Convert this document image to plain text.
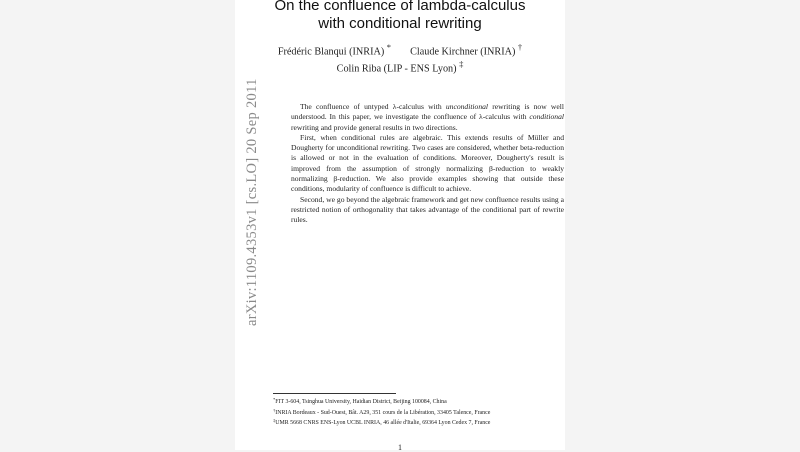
On the confluence of lambda-calculus
with conditional rewriting
Frédéric Blanqui (INRIA) * Claude Kirchner (INRIA) †
Colin Riba (LIP - ENS Lyon) ‡
arXiv:1109.4353v1 [cs.LO] 20 Sep 2011	The confluence of untyped λ-calculus with unconditional rewriting is now well understood. In this paper, we investigate the confluence of λ-calculus with conditional rewriting and provide general results in two directions.

First, when conditional rules are algebraic. This extends results of Müller and Dougherty for unconditional rewriting. Two cases are considered, whether beta-reduction is allowed or not in the evaluation of conditions. Moreover, Dougherty's result is improved from the assumption of strongly normalizing β-reduction to weakly normalizing β-reduction. We also provide examples showing that outside these conditions, modularity of confluence is difficult to achieve.

Second, we go beyond the algebraic framework and get new confluence results using a restricted notion of orthogonality that takes advantage of the conditional part of rewrite rules.

*FIT 3-604, Tsinghua University, Haidian District, Beijing 100084, China
†INRIA Bordeaux - Sud-Ouest, Bât. A29, 351 cours de la Libération, 33405 Talence, France
‡UMR 5668 CNRS ENS-Lyon UCBL INRIA, 46 allée d'Italie, 69364 Lyon Cedex 7, France
1
